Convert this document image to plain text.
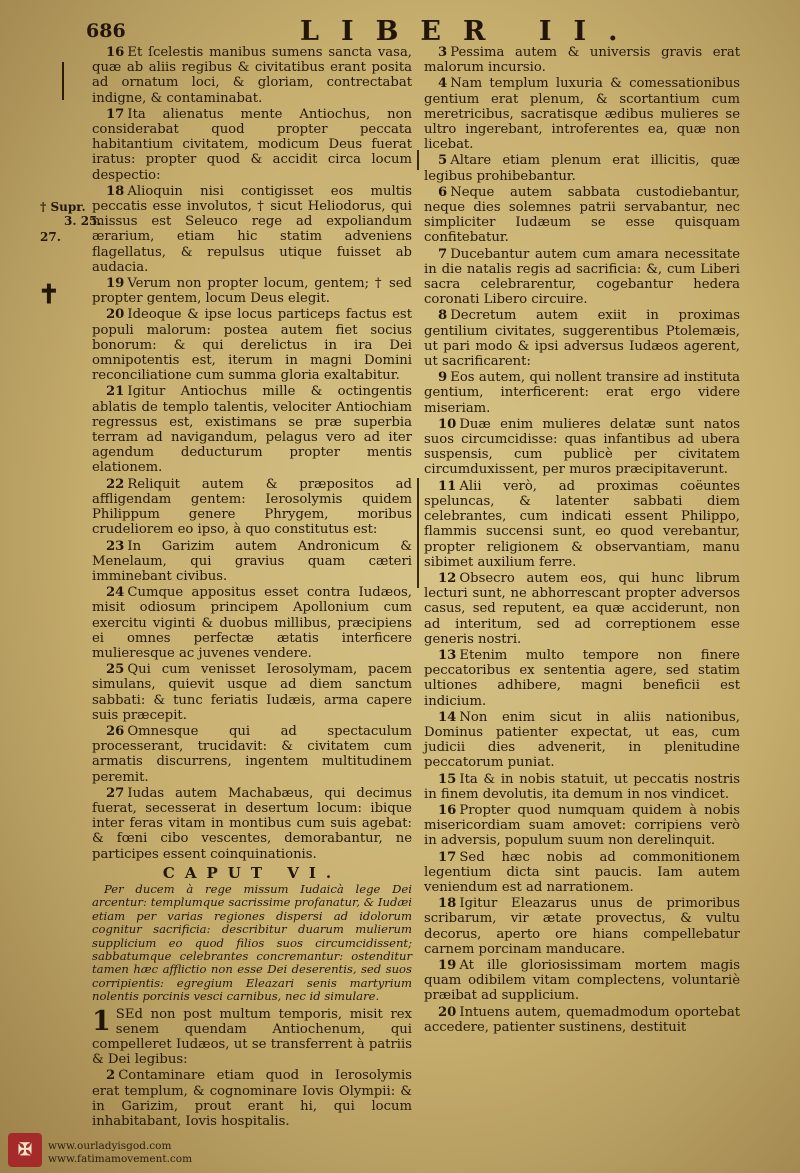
686	LIBER II.
† Supr.
3. 25.
27.
✝

16 Et ſcelestis manibus sumens sancta vasa, quæ ab aliis regibus & civitatibus erant posita ad ornatum loci, & gloriam, contrectabat indigne, & contaminabat.

17 Ita alienatus mente Antiochus, non considerabat quod propter peccata habitantium civitatem, modicum Deus fuerat iratus: propter quod & accidit circa locum despectio:

18 Alioquin nisi contigisset eos multis peccatis esse involutos, † sicut Heliodorus, qui missus est Seleuco rege ad expoliandum ærarium, etiam hic statim adveniens flagellatus, & repulsus utique fuisset ab audacia.

19 Verum non propter locum, gentem; † sed propter gentem, locum Deus elegit.

20 Ideoque & ipse locus particeps factus est populi malorum: postea autem fiet socius bonorum: & qui derelictus in ira Dei omnipotentis est, iterum in magni Domini reconciliatione cum summa gloria exaltabitur.

21 Igitur Antiochus mille & octingentis ablatis de templo talentis, velociter Antiochiam regressus est, existimans se præ superbia terram ad navigandum, pelagus vero ad iter agendum deducturum propter mentis elationem.

22 Reliquit autem & præpositos ad affligendam gentem: Ierosolymis quidem Philippum genere Phrygem, moribus crudeliorem eo ipso, à quo constitutus est:

23 In Garizim autem Andronicum & Menelaum, qui gravius quam cæteri imminebant civibus.

24 Cumque appositus esset contra Iudæos, misit odiosum principem Apollonium cum exercitu viginti & duobus millibus, præcipiens ei omnes perfectæ ætatis interficere mulieresque ac juvenes vendere.

25 Qui cum venisset Ierosolymam, pacem simulans, quievit usque ad diem sanctum sabbati: & tunc feriatis Iudæis, arma capere suis præcepit.

26 Omnesque qui ad spectaculum processerant, trucidavit: & civitatem cum armatis discurrens, ingentem multitudinem peremit.

27 Iudas autem Machabæus, qui decimus fuerat, secesserat in desertum locum: ibique inter feras vitam in montibus cum suis agebat: & fœni cibo vescentes, demorabantur, ne participes essent coinquinationis.

CAPUT VI.

Per ducem à rege missum Iudaicà lege Dei arcentur: templumque sacrissime profanatur, & Iudæi etiam per varias regiones dispersi ad idolorum cognitur sacrificia: describitur duarum mulierum supplicium eo quod filios suos circumcidissent; sabbatumque celebrantes concremantur: ostenditur tamen hæc afflictio non esse Dei deserentis, sed suos corripientis: egregium Eleazari senis martyrium nolentis porcinis vesci carnibus, nec id simulare.

1 SEd non post multum temporis, misit rex senem quendam Antiochenum, qui compelleret Iudæos, ut se transferrent à patriis & Dei legibus:

2 Contaminare etiam quod in Ierosolymis erat templum, & cognominare Iovis Olympii: & in Garizim, prout erant hi, qui locum inhabitabant, Iovis hospitalis.

3 Pessima autem & universis gravis erat malorum incursio.

4 Nam templum luxuria & comessationibus gentium erat plenum, & scortantium cum meretricibus, sacratisque ædibus mulieres se ultro ingerebant, introferentes ea, quæ non licebat.

5 Altare etiam plenum erat illicitis, quæ legibus prohibebantur.

6 Neque autem sabbata custodiebantur, neque dies solemnes patrii servabantur, nec simpliciter Iudæum se esse quisquam confitebatur.

7 Ducebantur autem cum amara necessitate in die natalis regis ad sacrificia: &, cum Liberi sacra celebrarentur, cogebantur hedera coronati Libero circuire.

8 Decretum autem exiit in proximas gentilium civitates, suggerentibus Ptolemæis, ut pari modo & ipsi adversus Iudæos agerent, ut sacrificarent:

9 Eos autem, qui nollent transire ad instituta gentium, interficerent: erat ergo videre miseriam.

10 Duæ enim mulieres delatæ sunt natos suos circumcidisse: quas infantibus ad ubera suspensis, cum publicè per civitatem circumduxissent, per muros præcipitaverunt.

11 Alii verò, ad proximas coëuntes speluncas, & latenter sabbati diem celebrantes, cum indicati essent Philippo, flammis succensi sunt, eo quod verebantur, propter religionem & observantiam, manu sibimet auxilium ferre.

12 Obsecro autem eos, qui hunc librum lecturi sunt, ne abhorrescant propter adversos casus, sed reputent, ea quæ acciderunt, non ad interitum, sed ad correptionem esse generis nostri.

13 Etenim multo tempore non finere peccatoribus ex sententia agere, sed statim ultiones adhibere, magni beneficii est indicium.

14 Non enim sicut in aliis nationibus, Dominus patienter expectat, ut eas, cum judicii dies advenerit, in plenitudine peccatorum puniat.

15 Ita & in nobis statuit, ut peccatis nostris in finem devolutis, ita demum in nos vindicet.

16 Propter quod numquam quidem à nobis misericordiam suam amovet: corripiens verò in adversis, populum suum non derelinquit.

17 Sed hæc nobis ad commonitionem legentium dicta sint paucis. Iam autem veniendum est ad narrationem.

18 Igitur Eleazarus unus de primoribus scribarum, vir ætate provectus, & vultu decorus, aperto ore hians compellebatur carnem porcinam manducare.

19 At ille gloriosissimam mortem magis quam odibilem vitam complectens, voluntariè præibat ad supplicium.

20 Intuens autem, quemadmodum oportebat accedere, patienter sustinens, destituit

✠ www.ourladyisgod.com
www.fatimamovement.com
